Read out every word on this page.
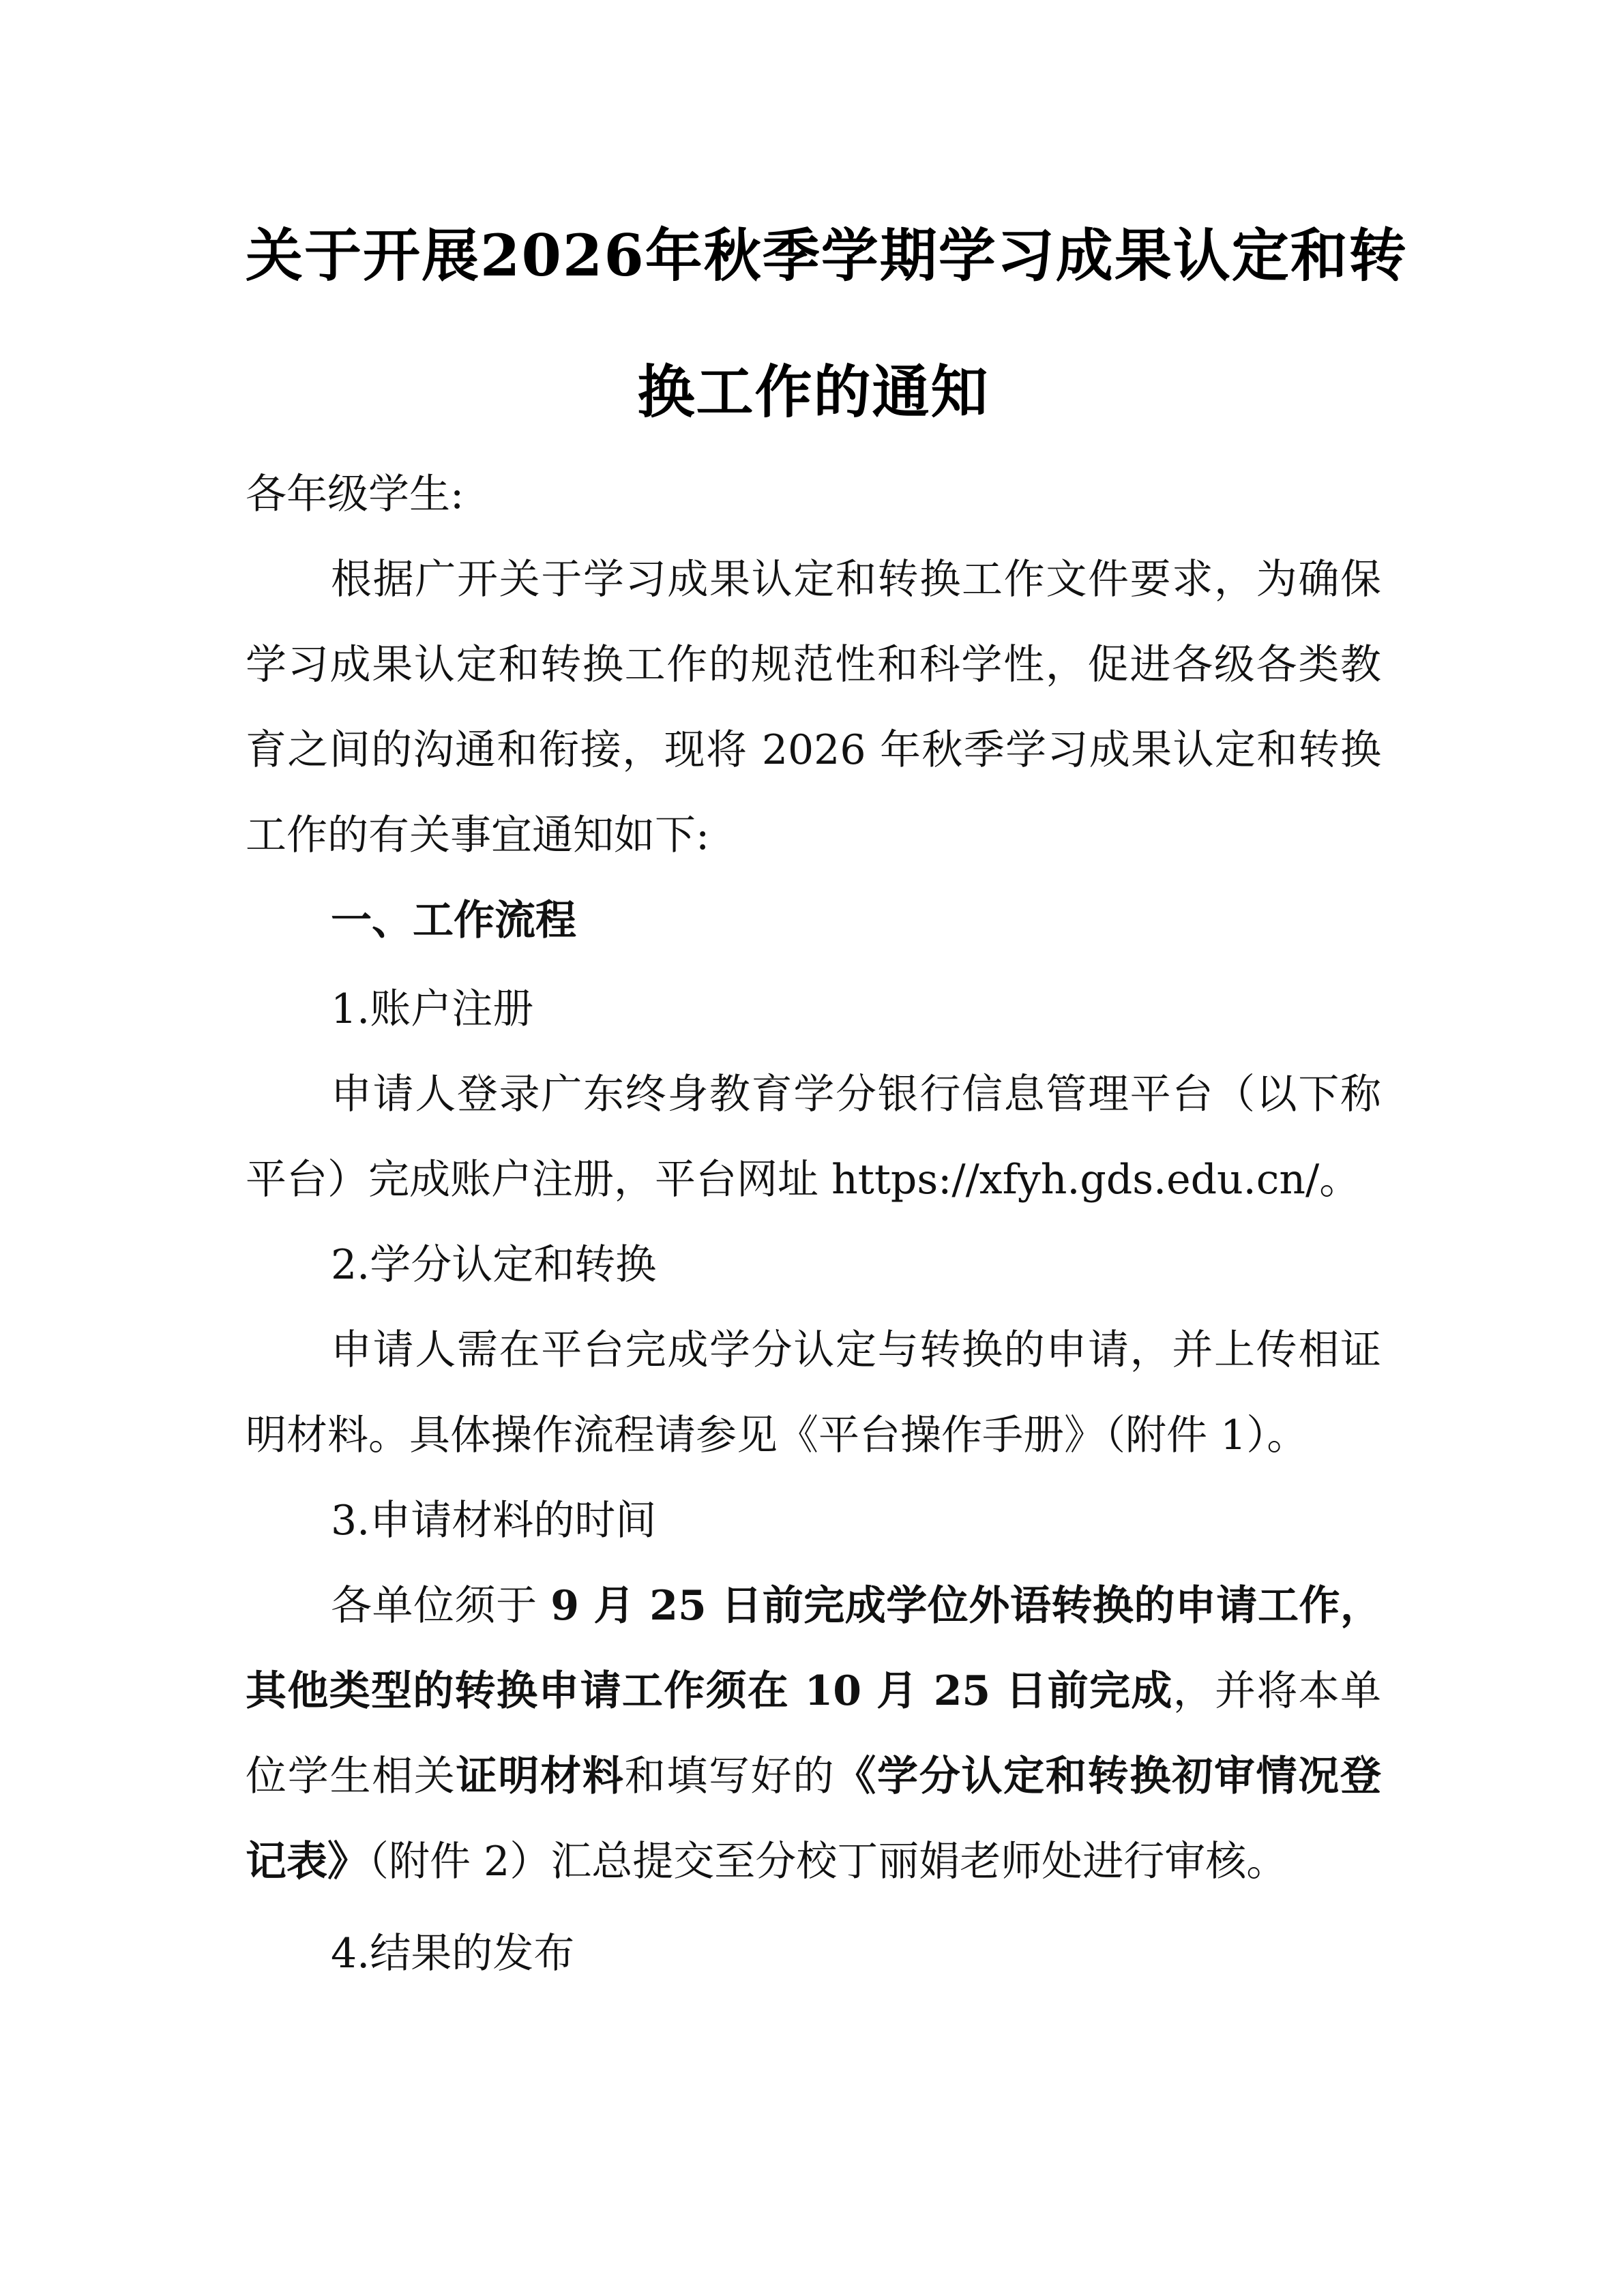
关于开展2026年秋季学期学习成果认定和转
换工作的通知

各年级学生:

根据广开关于学习成果认定和转换工作文件要求，为确保

学习成果认定和转换工作的规范性和科学性，促进各级各类教

育之间的沟通和衔接，现将 2026 年秋季学习成果认定和转换

工作的有关事宜通知如下:

一、工作流程

1.账户注册

申请人登录广东终身教育学分银行信息管理平台（以下称

平台）完成账户注册，平台网址 https://xfyh.gds.edu.cn/。

2.学分认定和转换

申请人需在平台完成学分认定与转换的申请，并上传相证

明材料。具体操作流程请参见《平台操作手册》（附件 1）。

3.申请材料的时间

各单位须于 9 月 25 日前完成学位外语转换的申请工作，

其他类型的转换申请工作须在 10 月 25 日前完成，并将本单

位学生相关证明材料和填写好的《学分认定和转换初审情况登

记表》（附件 2）汇总提交至分校丁丽娟老师处进行审核。

4.结果的发布
